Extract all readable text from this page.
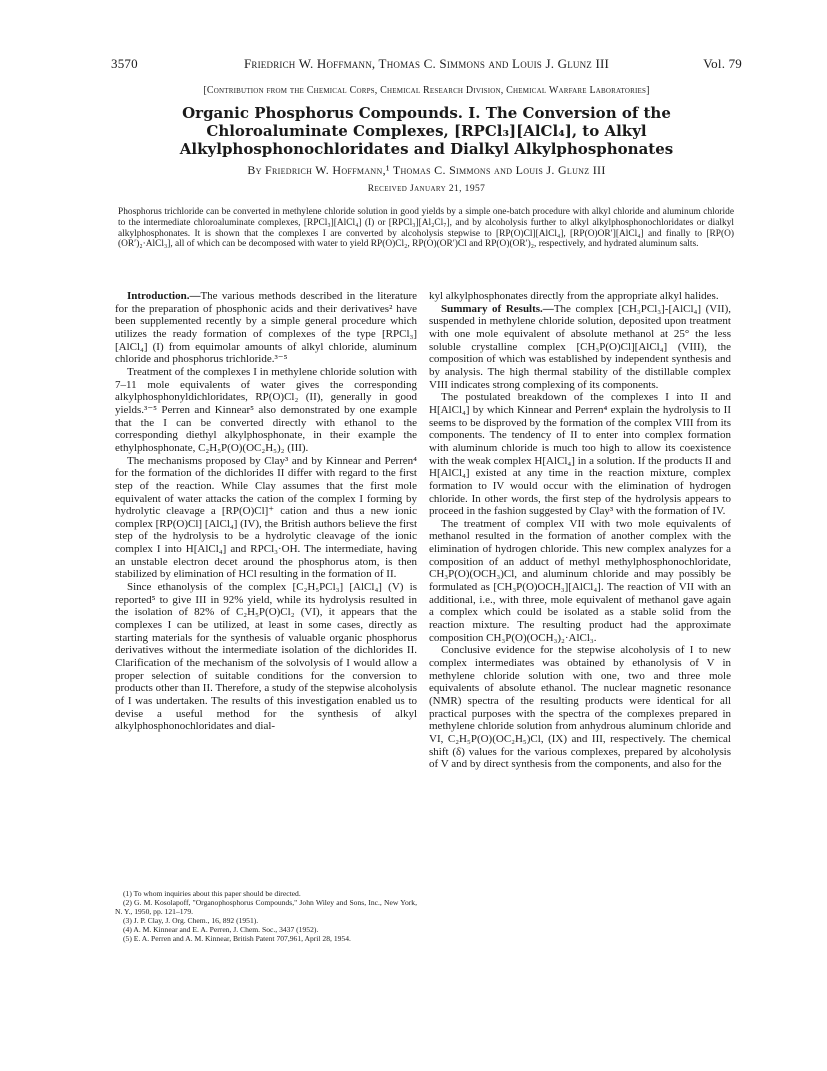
3570	Friedrich W. Hoffmann, Thomas C. Simmons and Louis J. Glunz III	Vol. 79
[Contribution from the Chemical Corps, Chemical Research Division, Chemical Warfare Laboratories]
Organic Phosphorus Compounds. I. The Conversion of the Chloroaluminate Complexes, [RPCl₃][AlCl₄], to Alkyl Alkylphosphonochloridates and Dialkyl Alkylphosphonates
By Friedrich W. Hoffmann,¹ Thomas C. Simmons and Louis J. Glunz III
Received January 21, 1957

Phosphorus trichloride can be converted in methylene chloride solution in good yields by a simple one-batch procedure with alkyl chloride and aluminum chloride to the intermediate chloroaluminate complexes, [RPCl₃][AlCl₄] (I) or [RPCl₃][Al₂Cl₇], and by alcoholysis further to alkyl alkylphosphonochloridates or dialkyl alkylphosphonates. It is shown that the complexes I are converted by alcoholysis stepwise to [RP(O)Cl][AlCl₄], [RP(O)OR′][AlCl₄] and finally to [RP(O)(OR′)₂·AlCl₃], all of which can be decomposed with water to yield RP(O)Cl₂, RP(O)(OR′)Cl and RP(O)(OR′)₂, respectively, and hydrated aluminum salts.

Introduction.—The various methods described in the literature for the preparation of phosphonic acids and their derivatives² have been supplemented recently by a simple general procedure which utilizes the ready formation of complexes of the type [RPCl₃] [AlCl₄] (I) from equimolar amounts of alkyl chloride, aluminum chloride and phosphorus trichloride.³⁻⁵

Treatment of the complexes I in methylene chloride solution with 7–11 mole equivalents of water gives the corresponding alkylphosphonyldichloridates, RP(O)Cl₂ (II), generally in good yields.³⁻⁵ Perren and Kinnear⁵ also demonstrated by one example that the I can be converted directly with ethanol to the corresponding diethyl alkylphosphonate, in their example the ethylphosphonate, C₂H₅P(O)(OC₂H₅)₂ (III).

The mechanisms proposed by Clay³ and by Kinnear and Perren⁴ for the formation of the dichlorides II differ with regard to the first step of the reaction. While Clay assumes that the first mole equivalent of water attacks the cation of the complex I forming by hydrolytic cleavage a [RP(O)Cl]⁺ cation and thus a new ionic complex [RP(O)Cl] [AlCl₄] (IV), the British authors believe the first step of the hydrolysis to be a hydrolytic cleavage of the ionic complex I into H[AlCl₄] and RPCl₃·OH. The intermediate, having an unstable electron decet around the phosphorus atom, is then stabilized by elimination of HCl resulting in the formation of II.

Since ethanolysis of the complex [C₂H₅PCl₃] [AlCl₄] (V) is reported⁵ to give III in 92% yield, while its hydrolysis resulted in the isolation of 82% of C₂H₅P(O)Cl₂ (VI), it appears that the complexes I can be utilized, at least in some cases, directly as starting materials for the synthesis of valuable organic phosphorus derivatives without the intermediate isolation of the dichlorides II. Clarification of the mechanism of the solvolysis of I would allow a proper selection of suitable conditions for the conversion to products other than II. Therefore, a study of the stepwise alcoholysis of I was undertaken. The results of this investigation enabled us to devise a useful method for the synthesis of alkyl alkylphosphonochloridates and dial-

(1) To whom inquiries about this paper should be directed.

(2) G. M. Kosolapoff, "Organophosphorus Compounds," John Wiley and Sons, Inc., New York, N. Y., 1950, pp. 121–179.

(3) J. P. Clay, J. Org. Chem., 16, 892 (1951).

(4) A. M. Kinnear and E. A. Perren, J. Chem. Soc., 3437 (1952).

(5) E. A. Perren and A. M. Kinnear, British Patent 707,961, April 28, 1954.

kyl alkylphosphonates directly from the appropriate alkyl halides.

Summary of Results.—The complex [CH₃PCl₃]-[AlCl₄] (VII), suspended in methylene chloride solution, deposited upon treatment with one mole equivalent of absolute methanol at 25° the less soluble crystalline complex [CH₃P(O)Cl][AlCl₄] (VIII), the composition of which was established by independent synthesis and by analysis. The high thermal stability of the distillable complex VIII indicates strong complexing of its components.

The postulated breakdown of the complexes I into II and H[AlCl₄] by which Kinnear and Perren⁴ explain the hydrolysis to II seems to be disproved by the formation of the complex VIII from its components. The tendency of II to enter into complex formation with aluminum chloride is much too high to allow its coexistence with the weak complex H[AlCl₄] in a solution. If the products II and H[AlCl₄] existed at any time in the reaction mixture, complex formation to IV would occur with the elimination of hydrogen chloride. In other words, the first step of the hydrolysis appears to proceed in the fashion suggested by Clay³ with the formation of IV.

The treatment of complex VII with two mole equivalents of methanol resulted in the formation of another complex with the elimination of hydrogen chloride. This new complex analyzes for a composition of an adduct of methyl methylphosphonochloridate, CH₃P(O)(OCH₃)Cl, and aluminum chloride and may possibly be formulated as [CH₃P(O)OCH₃][AlCl₄]. The reaction of VII with an additional, i.e., with three, mole equivalent of methanol gave again a complex which could be isolated as a stable solid from the reaction mixture. The resulting product had the approximate composition CH₃P(O)(OCH₃)₂·AlCl₃.

Conclusive evidence for the stepwise alcoholysis of I to new complex intermediates was obtained by ethanolysis of V in methylene chloride solution with one, two and three mole equivalents of absolute ethanol. The nuclear magnetic resonance (NMR) spectra of the resulting products were identical for all practical purposes with the spectra of the complexes prepared in methylene chloride solution from anhydrous aluminum chloride and VI, C₂H₅P(O)(OC₂H₅)Cl, (IX) and III, respectively. The chemical shift (δ) values for the various complexes, prepared by alcoholysis of V and by direct synthesis from the components, and also for the
